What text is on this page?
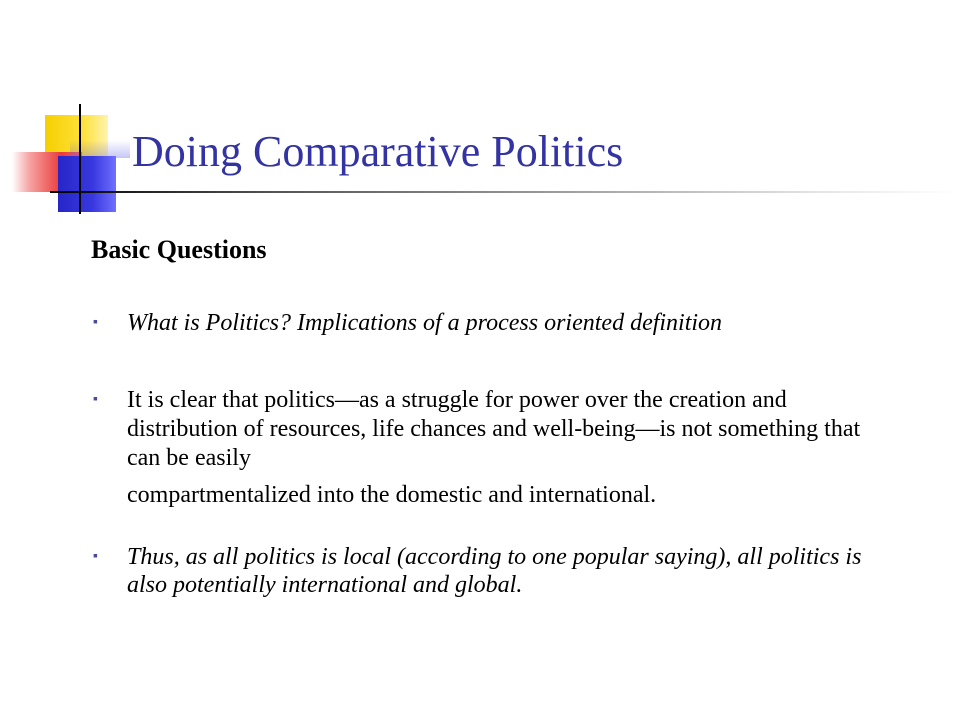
Doing Comparative Politics
Basic Questions
▪ What is Politics? Implications of a process oriented definition
▪ It is clear that politics—as a struggle for power over the creation and distribution of resources, life chances and well-being—is not something that can be easily
compartmentalized into the domestic and international.
▪ Thus, as all politics is local (according to one popular saying), all politics is also potentially international and global.
